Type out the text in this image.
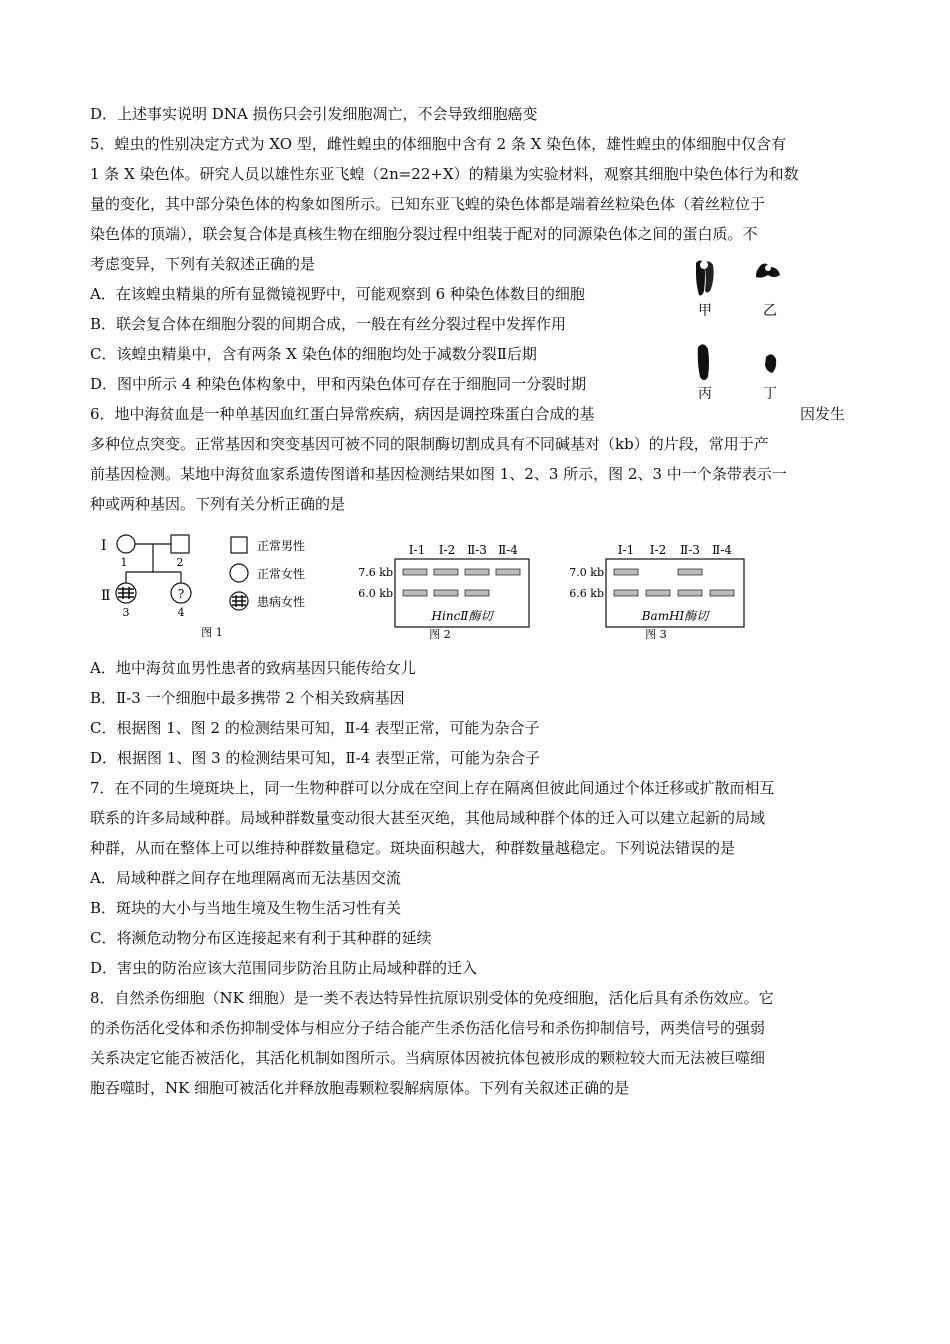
D．上述事实说明 DNA 损伤只会引发细胞凋亡，不会导致细胞癌变
5．蝗虫的性别决定方式为 XO 型，雌性蝗虫的体细胞中含有 2 条 X 染色体，雄性蝗虫的体细胞中仅含有
1 条 X 染色体。研究人员以雄性东亚飞蝗（2n=22+X）的精巢为实验材料，观察其细胞中染色体行为和数
量的变化，其中部分染色体的构象如图所示。已知东亚飞蝗的染色体都是端着丝粒染色体（着丝粒位于
染色体的顶端），联会复合体是真核生物在细胞分裂过程中组装于配对的同源染色体之间的蛋白质。不
考虑变异，下列有关叙述正确的是
A．在该蝗虫精巢的所有显微镜视野中，可能观察到 6 种染色体数目的细胞
B．联会复合体在细胞分裂的间期合成，一般在有丝分裂过程中发挥作用
C．该蝗虫精巢中，含有两条 X 染色体的细胞均处于减数分裂Ⅱ后期
D．图中所示 4 种染色体构象中，甲和丙染色体可存在于细胞同一分裂时期
6．地中海贫血是一种单基因血红蛋白异常疾病，病因是调控珠蛋白合成的基	因发生
多种位点突变。正常基因和突变基因可被不同的限制酶切割成具有不同碱基对（kb）的片段，常用于产
前基因检测。某地中海贫血家系遗传图谱和基因检测结果如图 1、2、3 所示，图 2、3 中一个条带表示一
种或两种基因。下列有关分析正确的是
A．地中海贫血男性患者的致病基因只能传给女儿
B．Ⅱ-3 一个细胞中最多携带 2 个相关致病基因
C．根据图 1、图 2 的检测结果可知，Ⅱ-4 表型正常，可能为杂合子
D．根据图 1、图 3 的检测结果可知，Ⅱ-4 表型正常，可能为杂合子
7．在不同的生境斑块上，同一生物种群可以分成在空间上存在隔离但彼此间通过个体迁移或扩散而相互
联系的许多局域种群。局域种群数量变动很大甚至灭绝，其他局域种群个体的迁入可以建立起新的局域
种群，从而在整体上可以维持种群数量稳定。斑块面积越大，种群数量越稳定。下列说法错误的是
A．局域种群之间存在地理隔离而无法基因交流
B．斑块的大小与当地生境及生物生活习性有关
C．将濒危动物分布区连接起来有利于其种群的延续
D．害虫的防治应该大范围同步防治且防止局域种群的迁入
8．自然杀伤细胞（NK 细胞）是一类不表达特异性抗原识别受体的免疫细胞，活化后具有杀伤效应。它
的杀伤活化受体和杀伤抑制受体与相应分子结合能产生杀伤活化信号和杀伤抑制信号，两类信号的强弱
关系决定它能否被活化，其活化机制如图所示。当病原体因被抗体包被形成的颗粒较大而无法被巨噬细
胞吞噬时，NK 细胞可被活化并释放胞毒颗粒裂解病原体。下列有关叙述正确的是
甲	乙
丙	丁
Ⅰ
Ⅱ
1	2
?
3	4
正常男性
正常女性
患病女性
图 1
Ⅰ-1 Ⅰ-2 Ⅱ-3 Ⅱ-4
7.6 kb
6.0 kb
HincⅡ酶切
图 2
Ⅰ-1 Ⅰ-2 Ⅱ-3 Ⅱ-4
7.0 kb
6.6 kb
BamHⅠ酶切
图 3
